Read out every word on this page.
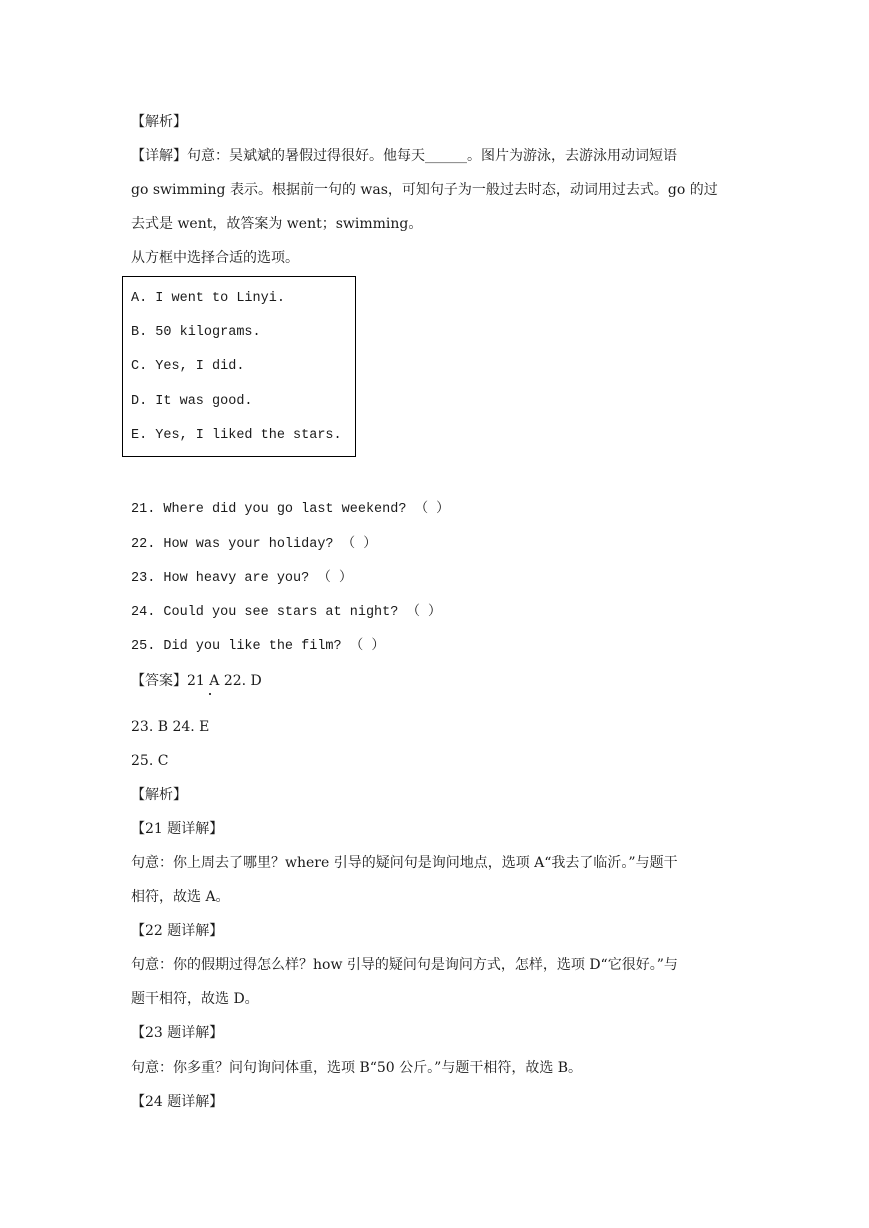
【解析】
【详解】句意：吴斌斌的暑假过得很好。他每天______。图片为游泳，去游泳用动词短语
go swimming 表示。根据前一句的 was，可知句子为一般过去时态，动词用过去式。go 的过
去式是 went，故答案为 went；swimming。
从方框中选择合适的选项。
A. I went to Linyi.
B. 50 kilograms.
C. Yes, I did.
D. It was good.
E. Yes, I liked the stars.
21. Where did you go last weekend? （ ）
22. How was your holiday? （ ）
23. How heavy are you? （ ）
24. Could you see stars at night? （ ）
25. Did you like the film? （ ）
【答案】21 A 22. D
23. B 24. E
25. C
【解析】
【21 题详解】
句意：你上周去了哪里？where 引导的疑问句是询问地点，选项 A“我去了临沂。”与题干
相符，故选 A。
【22 题详解】
句意：你的假期过得怎么样？how 引导的疑问句是询问方式，怎样，选项 D“它很好。”与
题干相符，故选 D。
【23 题详解】
句意：你多重？问句询问体重，选项 B“50 公斤。”与题干相符，故选 B。
【24 题详解】
